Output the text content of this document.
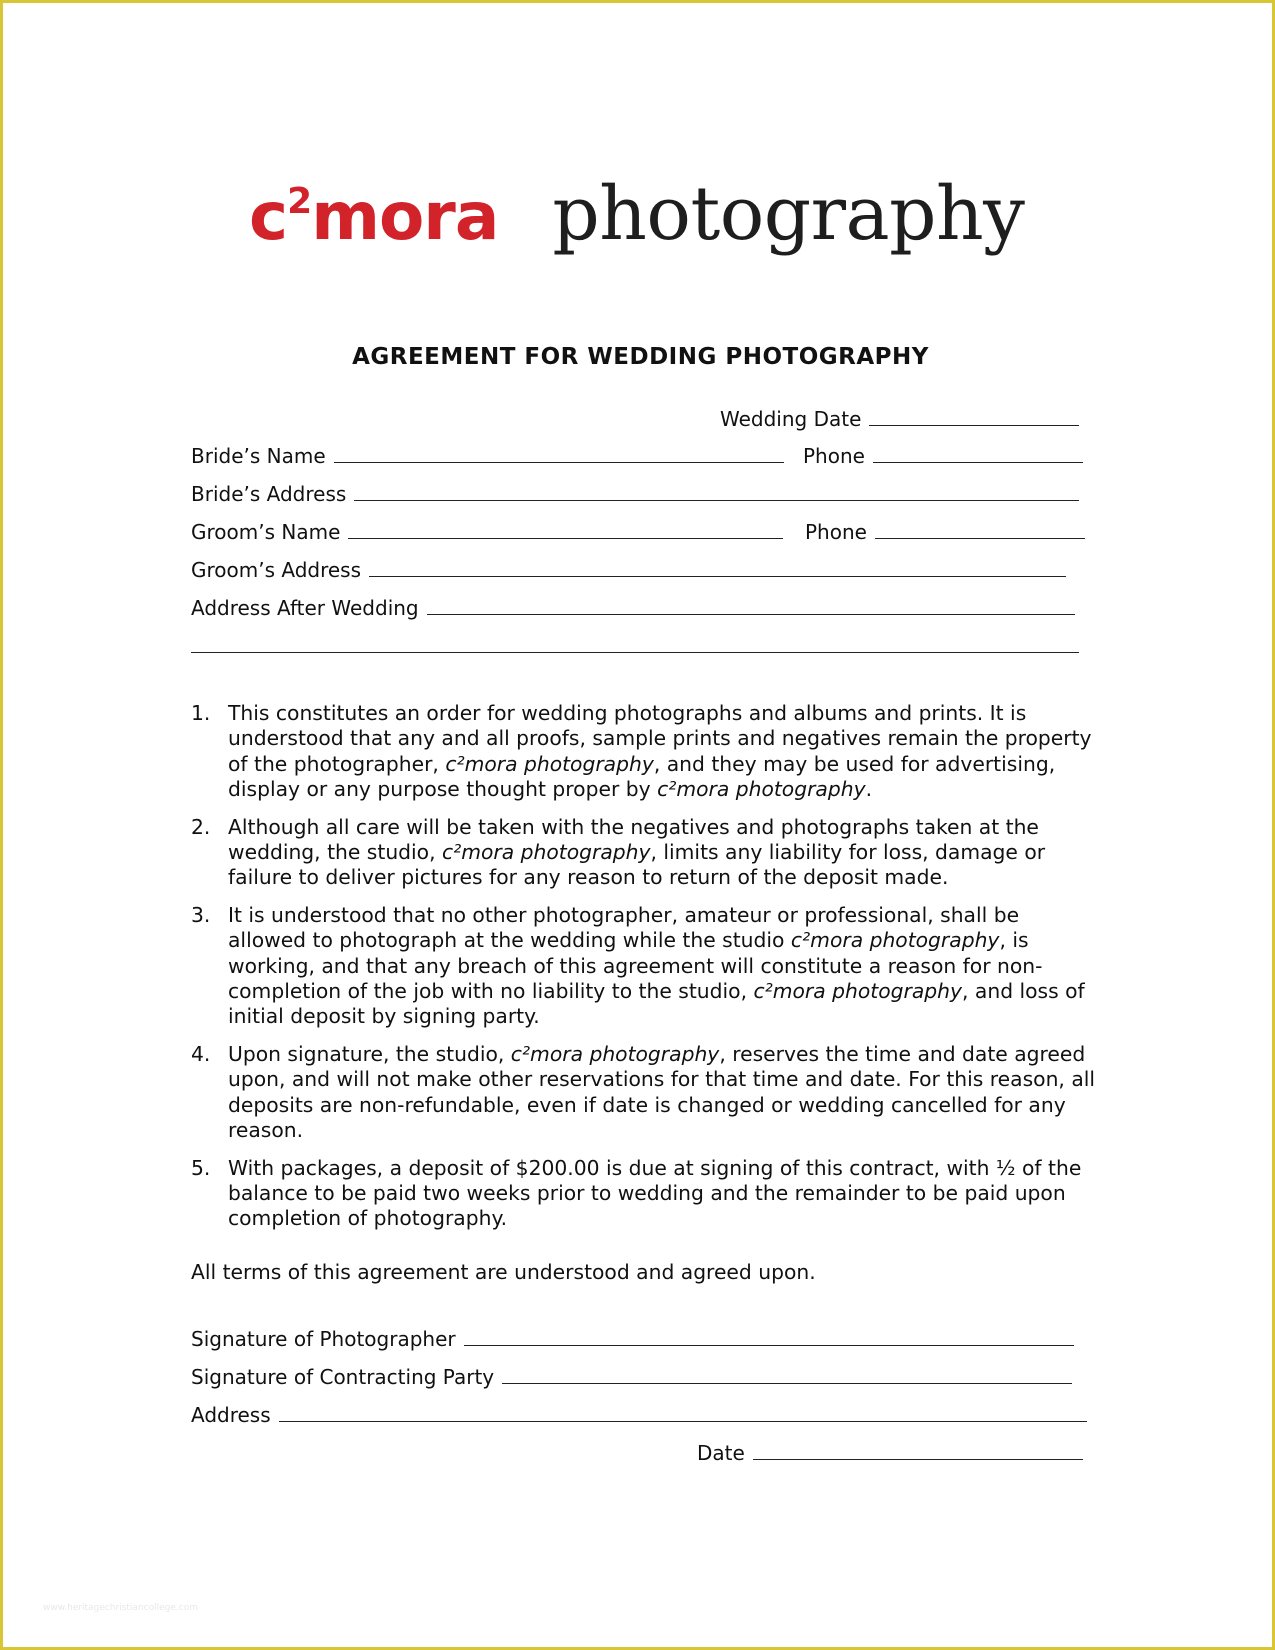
$c^2mora$ photography
AGREEMENT FOR WEDDING PHOTOGRAPHY
Wedding Date
Bride’s Name	Phone
Bride’s Address
Groom’s Name	Phone
Groom’s Address
Address After Wedding
1. This constitutes an order for wedding photographs and albums and prints. It is understood that any and all proofs, sample prints and negatives remain the property of the photographer, c²mora photography, and they may be used for advertising, display or any purpose thought proper by c²mora photography.
2. Although all care will be taken with the negatives and photographs taken at the wedding, the studio, c²mora photography, limits any liability for loss, damage or failure to deliver pictures for any reason to return of the deposit made.
3. It is understood that no other photographer, amateur or professional, shall be allowed to photograph at the wedding while the studio c²mora photography, is working, and that any breach of this agreement will constitute a reason for non-completion of the job with no liability to the studio, c²mora photography, and loss of initial deposit by signing party.
4. Upon signature, the studio, c²mora photography, reserves the time and date agreed upon, and will not make other reservations for that time and date. For this reason, all deposits are non-refundable, even if date is changed or wedding cancelled for any reason.
5. With packages, a deposit of $200.00 is due at signing of this contract, with ½ of the balance to be paid two weeks prior to wedding and the remainder to be paid upon completion of photography.
All terms of this agreement are understood and agreed upon.
Signature of Photographer
Signature of Contracting Party
Address
Date
www.heritagechristiancollege.com
